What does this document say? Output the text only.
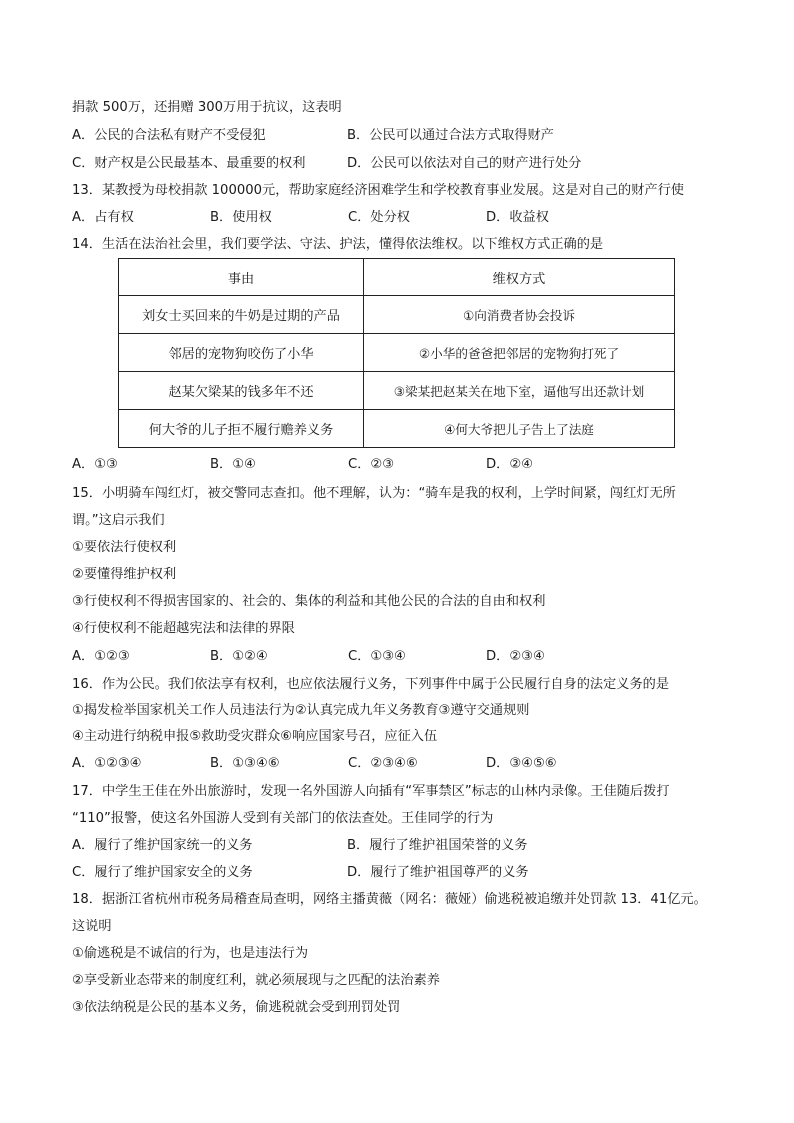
捐款 500万，还捐赠 300万用于抗议，这表明
A．公民的合法私有财产不受侵犯	B．公民可以通过合法方式取得财产
C．财产权是公民最基本、最重要的权利	D．公民可以依法对自己的财产进行处分
13．某教授为母校捐款 100000元，帮助家庭经济困难学生和学校教育事业发展。这是对自己的财产行使
A．占有权	B．使用权	C．处分权	D．收益权
14．生活在法治社会里，我们要学法、守法、护法，懂得依法维权。以下维权方式正确的是
事由	维权方式
刘女士买回来的牛奶是过期的产品	①向消费者协会投诉
邻居的宠物狗咬伤了小华	②小华的爸爸把邻居的宠物狗打死了
赵某欠梁某的钱多年不还	③梁某把赵某关在地下室，逼他写出还款计划
何大爷的儿子拒不履行赡养义务	④何大爷把儿子告上了法庭
A．①③	B．①④	C．②③	D．②④
15．小明骑车闯红灯，被交警同志查扣。他不理解，认为：“骑车是我的权利，上学时间紧，闯红灯无所
谓。”这启示我们
①要依法行使权利
②要懂得维护权利
③行使权利不得损害国家的、社会的、集体的利益和其他公民的合法的自由和权利
④行使权利不能超越宪法和法律的界限
A．①②③	B．①②④	C．①③④	D．②③④
16．作为公民。我们依法享有权利，也应依法履行义务，下列事件中属于公民履行自身的法定义务的是
①揭发检举国家机关工作人员违法行为②认真完成九年义务教育③遵守交通规则
④主动进行纳税申报⑤救助受灾群众⑥响应国家号召，应征入伍
A．①②③④	B．①③④⑥	C．②③④⑥	D．③④⑤⑥
17．中学生王佳在外出旅游时，发现一名外国游人向插有“军事禁区”标志的山林内录像。王佳随后拨打
“110”报警，使这名外国游人受到有关部门的依法查处。王佳同学的行为
A．履行了维护国家统一的义务	B．履行了维护祖国荣誉的义务
C．履行了维护国家安全的义务	D．履行了维护祖国尊严的义务
18．据浙江省杭州市税务局稽查局查明，网络主播黄薇（网名：薇娅）偷逃税被追缴并处罚款 13．41亿元。
这说明
①偷逃税是不诚信的行为，也是违法行为
②享受新业态带来的制度红利，就必须展现与之匹配的法治素养
③依法纳税是公民的基本义务，偷逃税就会受到刑罚处罚
